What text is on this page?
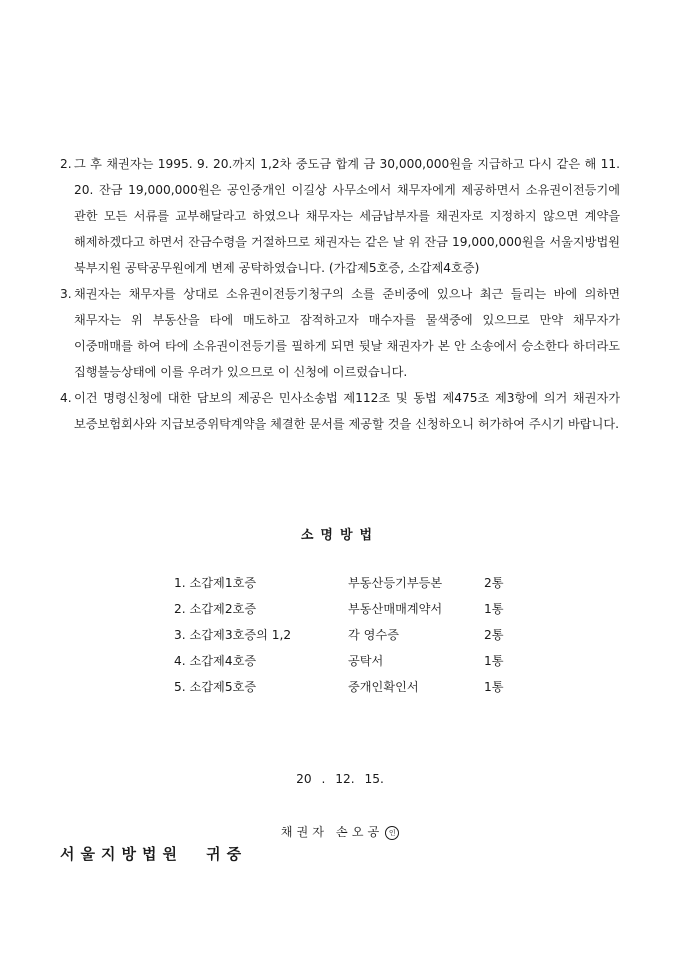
2. 그 후 채권자는 1995. 9. 20.까지 1,2차 중도금 합계 금 30,000,000원을 지급하고 다시 같은 해 11. 20. 잔금 19,000,000원은 공인중개인 이길상 사무소에서 채무자에게 제공하면서 소유권이전등기에 관한 모든 서류를 교부해달라고 하였으나 채무자는 세금납부자를 채권자로 지정하지 않으면 계약을 해제하겠다고 하면서 잔금수령을 거절하므로 채권자는 같은 날 위 잔금 19,000,000원을 서울지방법원 북부지원 공탁공무원에게 변제 공탁하였습니다. (가갑제5호증, 소갑제4호증)

3. 채권자는 채무자를 상대로 소유권이전등기청구의 소를 준비중에 있으나 최근 들리는 바에 의하면 채무자는 위 부동산을 타에 매도하고 잠적하고자 매수자를 물색중에 있으므로 만약 채무자가 이중매매를 하여 타에 소유권이전등기를 필하게 되면 뒷날 채권자가 본 안 소송에서 승소한다 하더라도 집행불능상태에 이를 우려가 있으므로 이 신청에 이르렀습니다.

4. 이건 명령신청에 대한 담보의 제공은 민사소송법 제112조 및 동법 제475조 제3항에 의거 채권자가 보증보험회사와 지급보증위탁계약을 체결한 문서를 제공할 것을 신청하오니 허가하여 주시기 바랍니다.

소명방법
1. 소갑제1호증	부동산등기부등본	2통
2. 소갑제2호증	부동산매매계약서	1통
3. 소갑제3호증의 1,2	각 영수증	2통
4. 소갑제4호증	공탁서	1통
5. 소갑제5호증	중개인확인서	1통
20 . 12. 15.
채권자 손오공 인
서울지방법원 귀중
